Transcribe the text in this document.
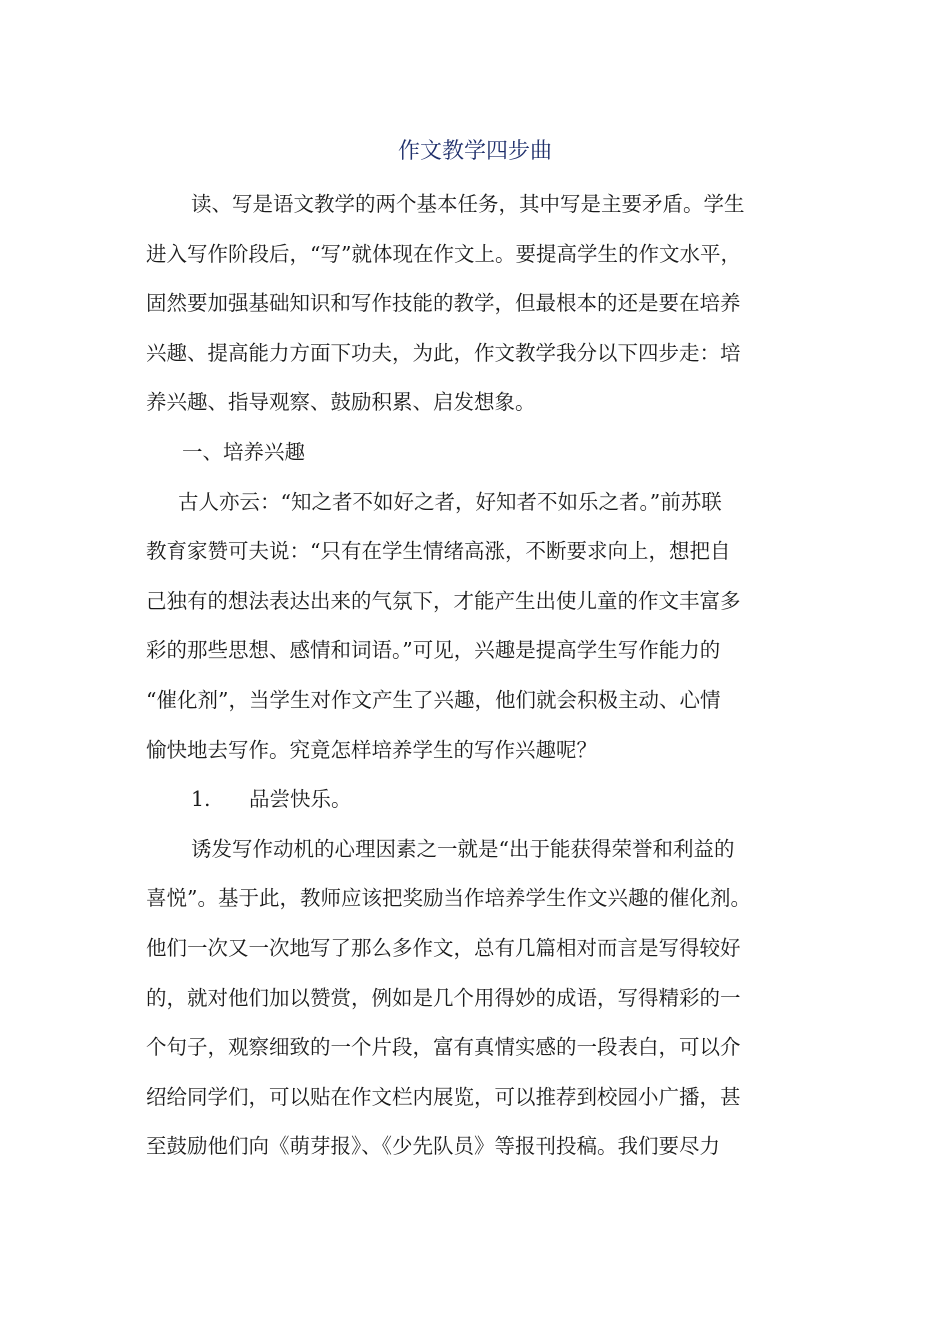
作文教学四步曲
读、写是语文教学的两个基本任务，其中写是主要矛盾。学生
进入写作阶段后，“写”就体现在作文上。要提高学生的作文水平，
固然要加强基础知识和写作技能的教学，但最根本的还是要在培养
兴趣、提高能力方面下功夫，为此，作文教学我分以下四步走：培
养兴趣、指导观察、鼓励积累、启发想象。
一、培养兴趣
古人亦云：“知之者不如好之者，好知者不如乐之者。”前苏联
教育家赞可夫说：“只有在学生情绪高涨，不断要求向上，想把自
己独有的想法表达出来的气氛下，才能产生出使儿童的作文丰富多
彩的那些思想、感情和词语。”可见，兴趣是提高学生写作能力的
“催化剂”，当学生对作文产生了兴趣，他们就会积极主动、心情
愉快地去写作。究竟怎样培养学生的写作兴趣呢？
1. 品尝快乐。
诱发写作动机的心理因素之一就是“出于能获得荣誉和利益的
喜悦”。基于此，教师应该把奖励当作培养学生作文兴趣的催化剂。
他们一次又一次地写了那么多作文，总有几篇相对而言是写得较好
的，就对他们加以赞赏，例如是几个用得妙的成语，写得精彩的一
个句子，观察细致的一个片段，富有真情实感的一段表白，可以介
绍给同学们，可以贴在作文栏内展览，可以推荐到校园小广播，甚
至鼓励他们向《萌芽报》、《少先队员》等报刊投稿。我们要尽力
